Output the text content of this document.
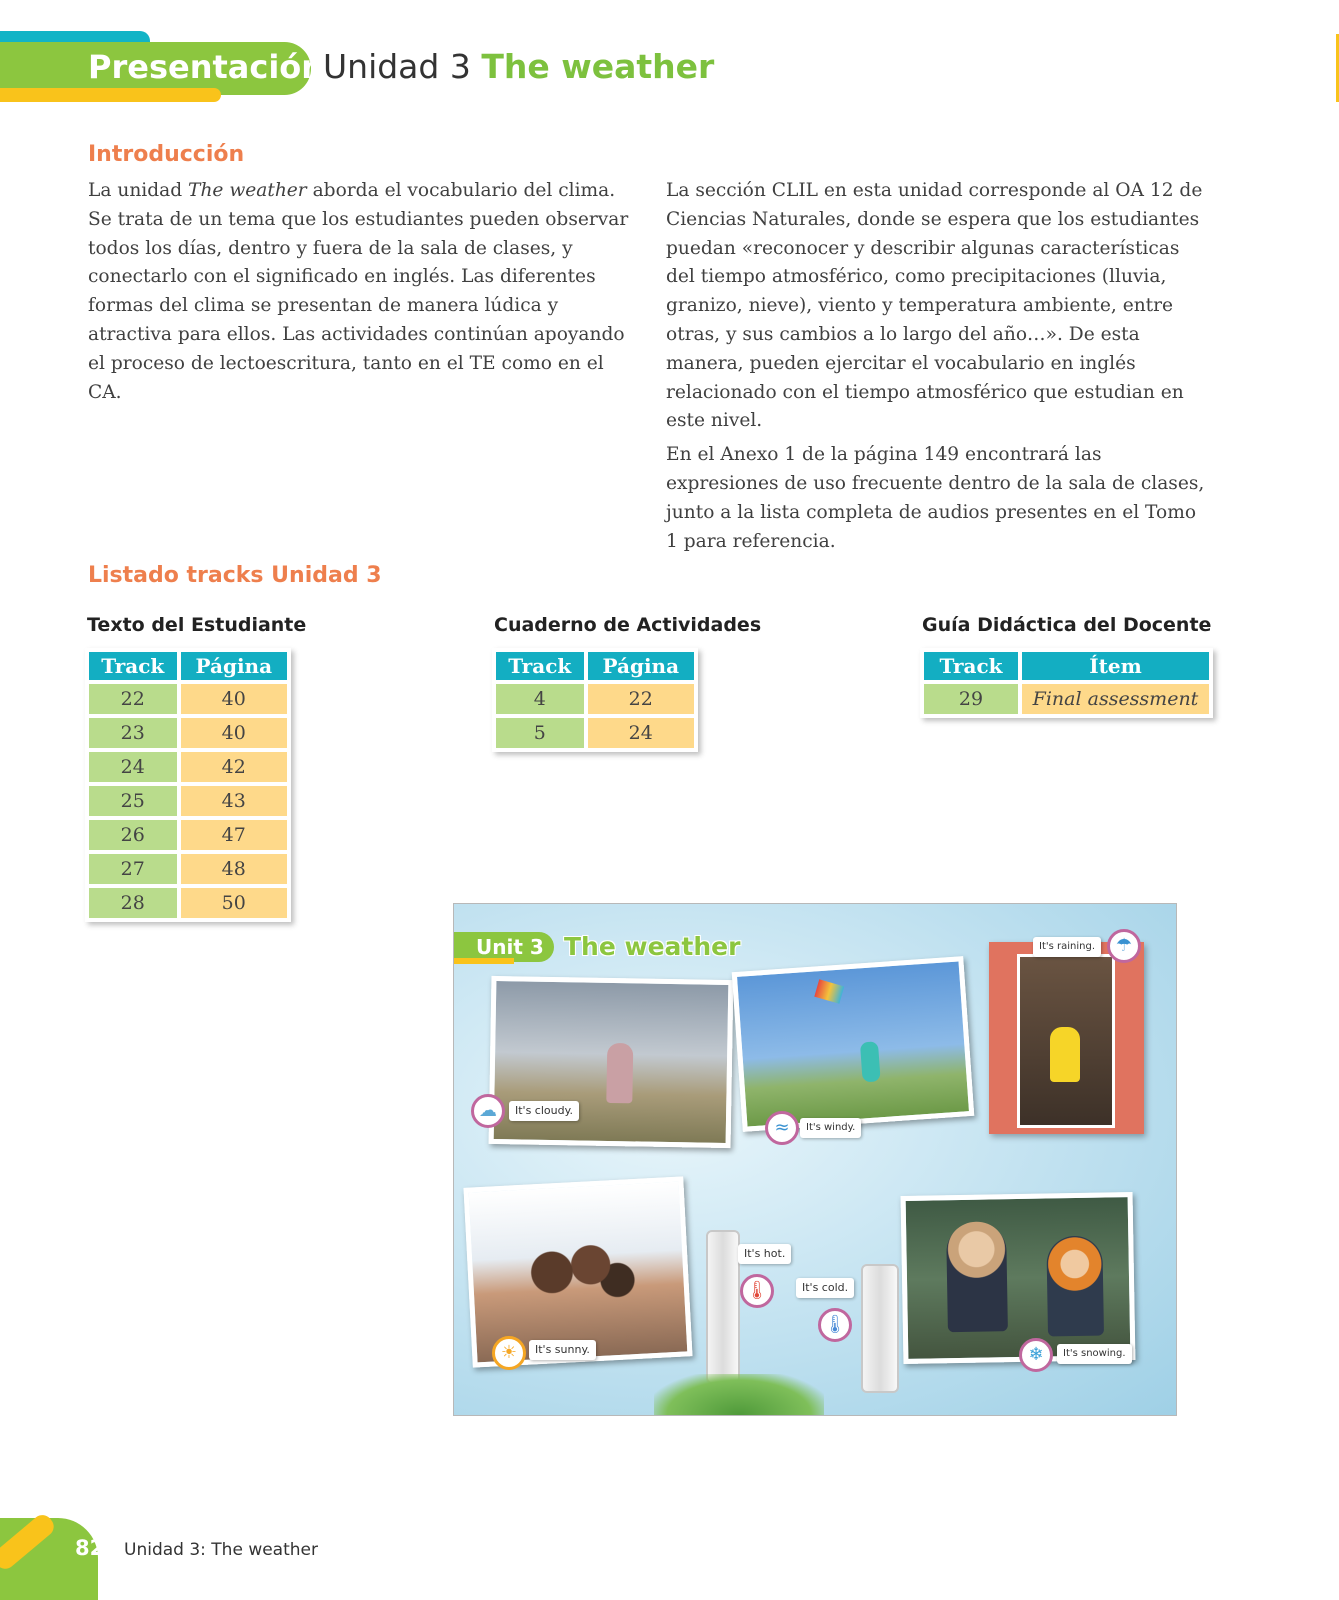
Presentación
Unidad 3 The weather
Introducción

La unidad The weather aborda el vocabulario del clima. Se trata de un tema que los estudiantes pueden observar todos los días, dentro y fuera de la sala de clases, y conectarlo con el significado en inglés. Las diferentes formas del clima se presentan de manera lúdica y atractiva para ellos. Las actividades continúan apoyando el proceso de lectoescritura, tanto en el TE como en el CA.

La sección CLIL en esta unidad corresponde al OA 12 de Ciencias Naturales, donde se espera que los estudiantes puedan «reconocer y describir algunas características del tiempo atmosférico, como precipitaciones (lluvia, granizo, nieve), viento y temperatura ambiente, entre otras, y sus cambios a lo largo del año…». De esta manera, pueden ejercitar el vocabulario en inglés relacionado con el tiempo atmosférico que estudian en este nivel.

En el Anexo 1 de la página 149 encontrará las expresiones de uso frecuente dentro de la sala de clases, junto a la lista completa de audios presentes en el Tomo 1 para referencia.

Listado tracks Unidad 3
Texto del Estudiante
Track	Página
22	40
23	40
24	42
25	43
26	47
27	48
28	50
Cuaderno de Actividades
Track	Página
4	22
5	24
Guía Didáctica del Docente
Track	Ítem
29	Final assessment
Unit 3 The weather
☁	It's cloudy.
≈	It's windy.
It's raining.	☂
☀	It's sunny.
It's hot.
🌡	It's cold.
🌡
❄	It's snowing.
82 Unidad 3: The weather
